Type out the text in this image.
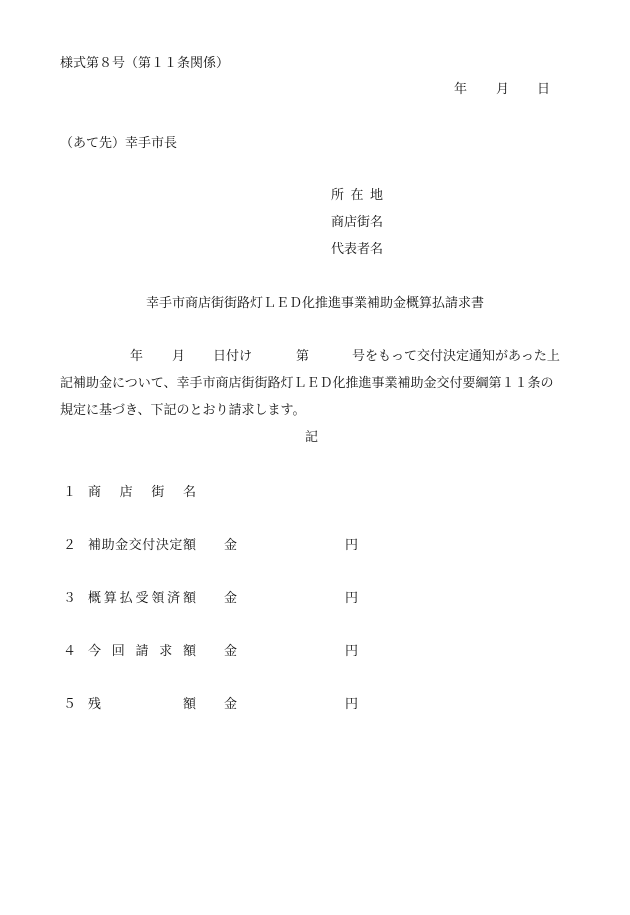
様式第８号（第１１条関係）
年 月 日
（あて先）幸手市長
所 在 地
商店街名
代表者名
幸手市商店街街路灯ＬＥＤ化推進事業補助金概算払請求書
年 月 日付け	第	号をもって交付決定通知があった上
記補助金について、幸手市商店街街路灯ＬＥＤ化推進事業補助金交付要綱第１１条の
規定に基づき、下記のとおり請求します。
記
１ 商 店 街 名
２ 補 助 金 交 付 決 定 額 金	円
３ 概 算 払 受 領 済 額 金	円
４ 今 回 請 求 額 金	円
５ 残	額 金	円
